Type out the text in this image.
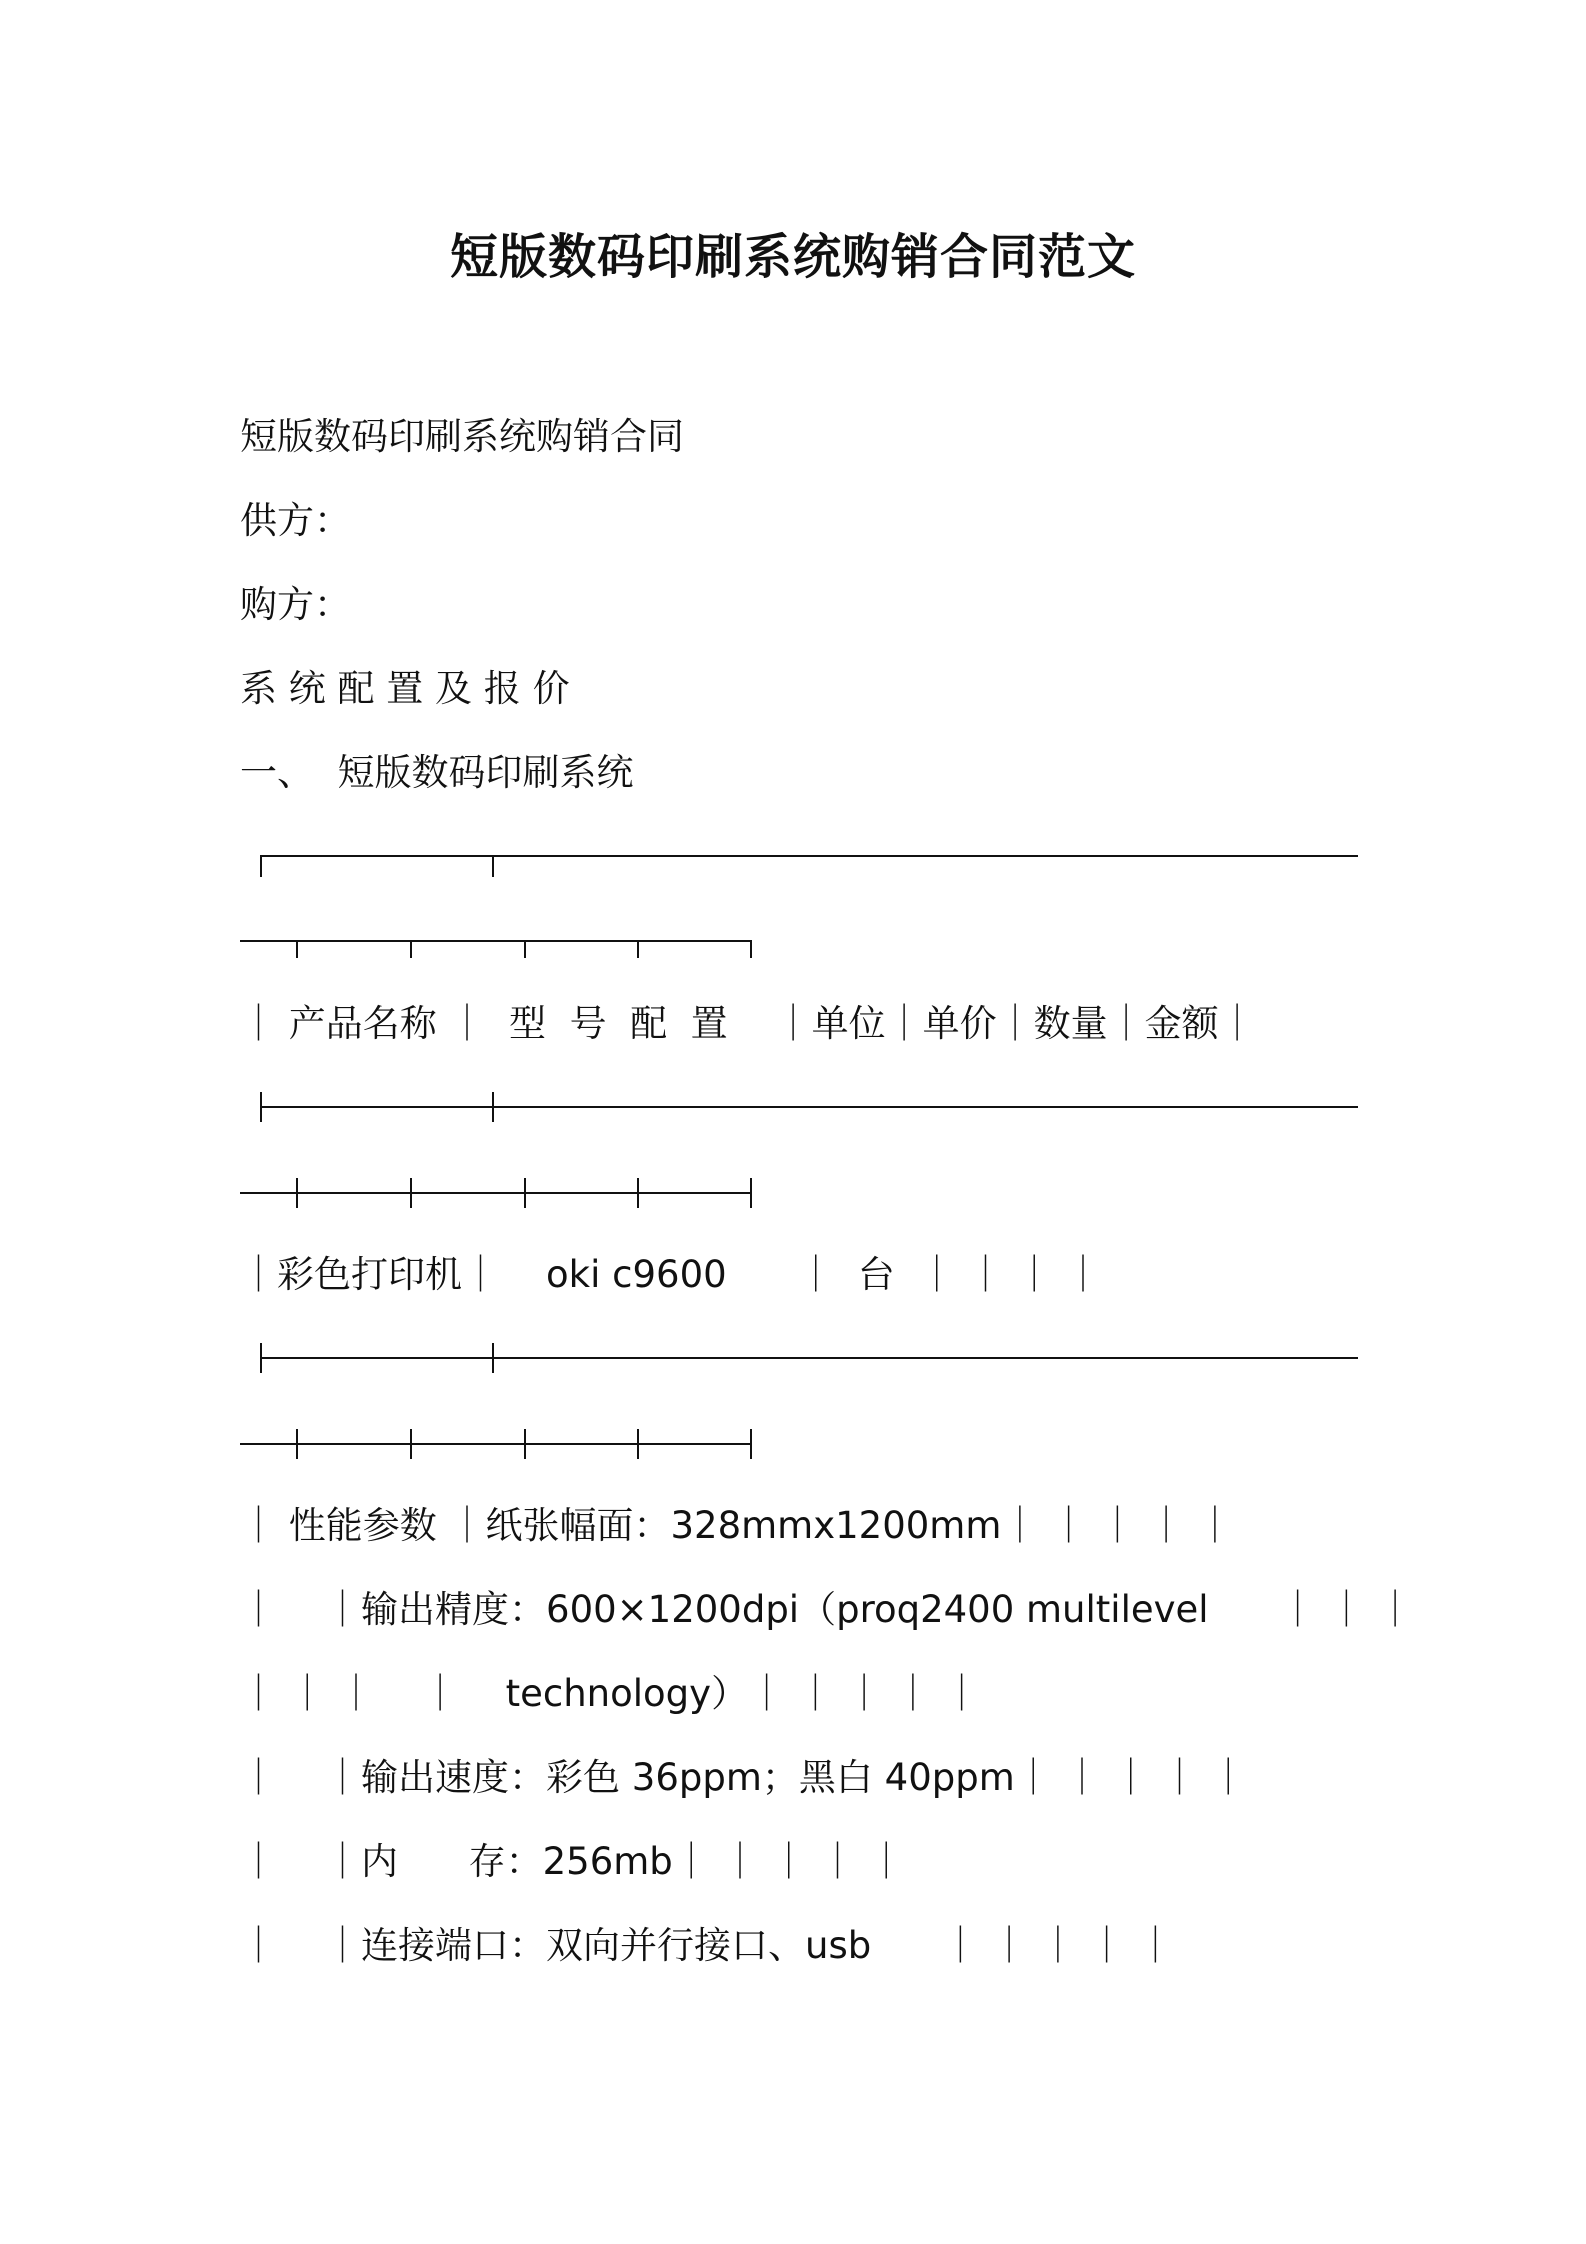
短版数码印刷系统购销合同范文
短版数码印刷系统购销合同
供方：
购方：
系 统 配 置 及 报 价
一、  短版数码印刷系统
｜ 产品名称 ｜  型  号  配  置    ｜单位｜单价｜数量｜金额｜
｜彩色打印机｜    oki c9600      ｜  台  ｜ ｜ ｜ ｜
｜ 性能参数 ｜纸张幅面：328mmx1200mm｜ ｜ ｜ ｜ ｜
｜    ｜输出精度：600×1200dpi（proq2400 multilevel      ｜ ｜ ｜
｜ ｜ ｜    ｜    technology）｜ ｜ ｜ ｜ ｜
｜    ｜输出速度：彩色 36ppm；黑白 40ppm｜ ｜ ｜ ｜ ｜
｜    ｜内      存：256mb｜ ｜ ｜ ｜ ｜
｜    ｜连接端口：双向并行接口、usb      ｜ ｜ ｜ ｜ ｜
